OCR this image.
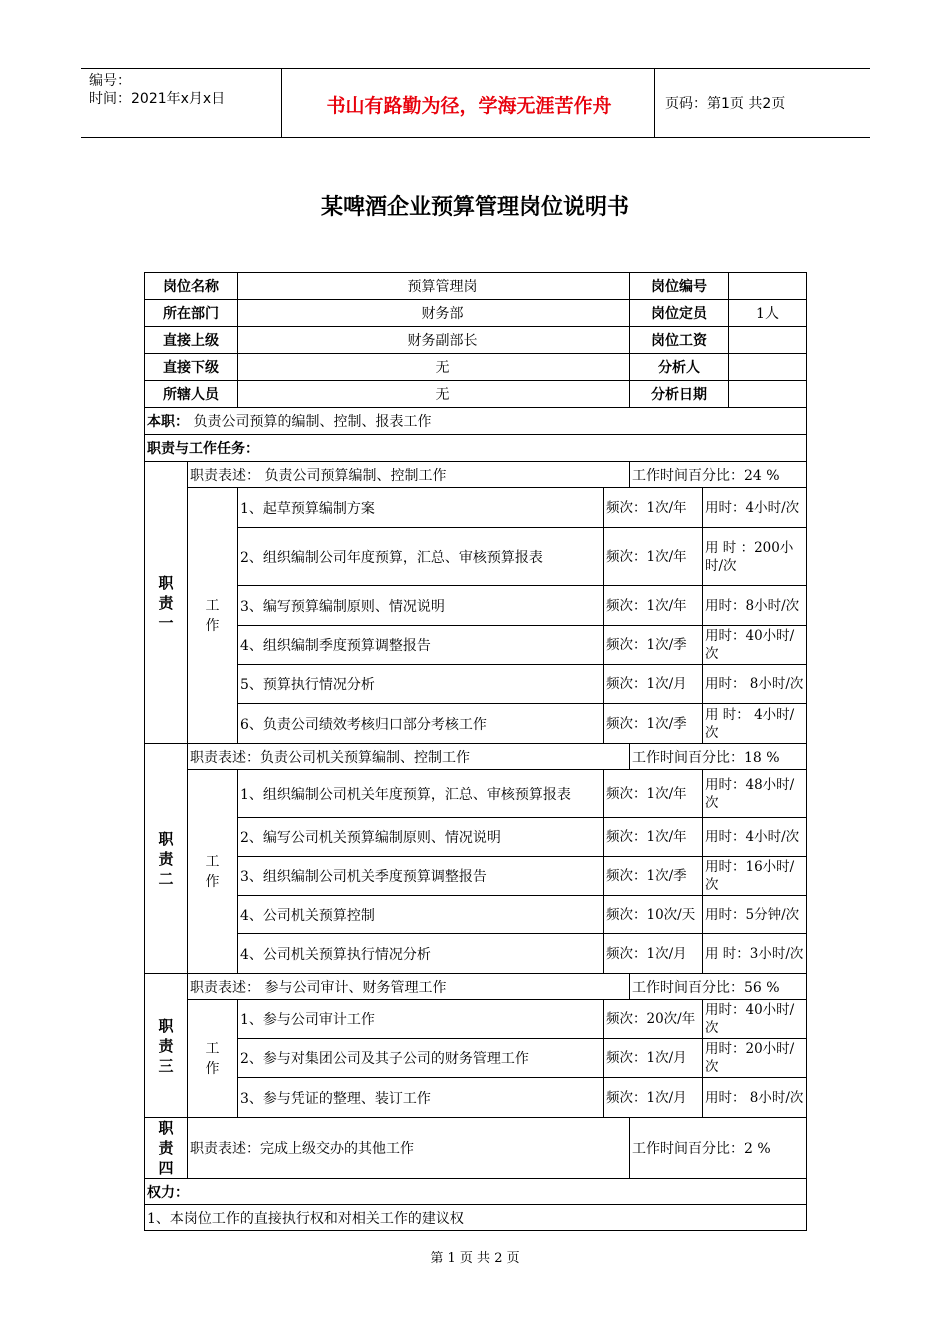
编号：
时间：2021年x月x日	书山有路勤为径，学海无涯苦作舟	页码：第1页 共2页
某啤酒企业预算管理岗位说明书
岗位名称		预算管理岗		岗位编号		
所在部门		财务部		岗位定员		1人
直接上级		财务副部长		岗位工资		
直接下级		无		分析人		
所辖人员		无		分析日期		
本职： 负责公司预算的编制、控制、报表工作						
职责与工作任务：						

职
责
一	职责表述： 负责公司预算编制、控制工作			工作时间百分比：24 %		

	工
作	1、起草预算编制方案	频次：1次/年		用时：4小时/次	
		2、组织编制公司年度预算，汇总、审核预算报表	频次：1次/年		用 时 ：200小时/次	
		3、编写预算编制原则、情况说明	频次：1次/年		用时：8小时/次	
		4、组织编制季度预算调整报告	频次：1次/季		用时：40小时/次	
		5、预算执行情况分析	频次：1次/月		用时： 8小时/次	
		6、负责公司绩效考核归口部分考核工作	频次：1次/季		用 时： 4小时/次	

职
责
二	职责表述：负责公司机关预算编制、控制工作			工作时间百分比：18 %		

	工
作	1、组织编制公司机关年度预算，汇总、审核预算报表	频次：1次/年		用时：48小时/次	
		2、编写公司机关预算编制原则、情况说明	频次：1次/年		用时：4小时/次	
		3、组织编制公司机关季度预算调整报告	频次：1次/季		用时：16小时/次	
		4、公司机关预算控制	频次：10次/天		用时：5分钟/次	
		4、公司机关预算执行情况分析	频次：1次/月		用 时：3小时/次	

职
责
三	职责表述： 参与公司审计、财务管理工作			工作时间百分比：56 %		

	工
作	1、参与公司审计工作	频次：20次/年		用时：40小时/次	
		2、参与对集团公司及其子公司的财务管理工作	频次：1次/月		用时：20小时/次	
		3、参与凭证的整理、装订工作	频次：1次/月		用时： 8小时/次	

职
责
四	职责表述：完成上级交办的其他工作			工作时间百分比：2 %		
权力：						
1、本岗位工作的直接执行权和对相关工作的建议权						
第 1 页 共 2 页
